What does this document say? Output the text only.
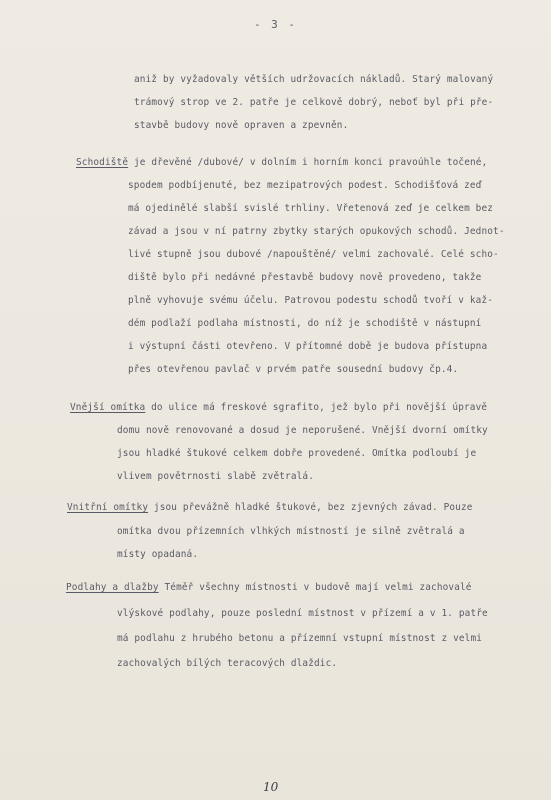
- 3 -
aniž by vyžadovaly větších udržovacích nákladů. Starý malovaný
trámový strop ve 2. patře je celkově dobrý, neboť byl při pře-
stavbě budovy nově opraven a zpevněn.
Schodiště je dřevěné /dubové/ v dolním i horním konci pravoúhle točené,
spodem podbíjenuté, bez mezipatrových podest. Schodišťová zeď
má ojedinělé slabší svislé trhliny. Vřetenová zeď je celkem bez
závad a jsou v ní patrny zbytky starých opukových schodů. Jednot-
livé stupně jsou dubové /napouštěné/ velmi zachovalé. Celé scho-
diště bylo při nedávné přestavbě budovy nově provedeno, takže
plně vyhovuje svému účelu. Patrovou podestu schodů tvoří v kaž-
dém podlaží podlaha místnosti, do níž je schodiště v nástupní
i výstupní části otevřeno. V přítomné době je budova přístupna
přes otevřenou pavlač v prvém patře sousední budovy čp.4.
Vnější omítka do ulice má freskové sgrafito, jež bylo při novější úpravě
domu nově renovované a dosud je neporušené. Vnější dvorní omítky
jsou hladké štukové celkem dobře provedené. Omítka podloubí je
vlivem povětrnosti slabě zvětralá.
Vnitřní omítky jsou převážně hladké štukové, bez zjevných závad. Pouze
omítka dvou přízemních vlhkých místností je silně zvětralá a
místy opadaná.
Podlahy a dlažby Téměř všechny místnosti v budově mají velmi zachovalé
vlýskové podlahy, pouze poslední místnost v přízemí a v 1. patře
má podlahu z hrubého betonu a přízemní vstupní místnost z velmi
zachovalých bílých teracových dlaždic.
10
